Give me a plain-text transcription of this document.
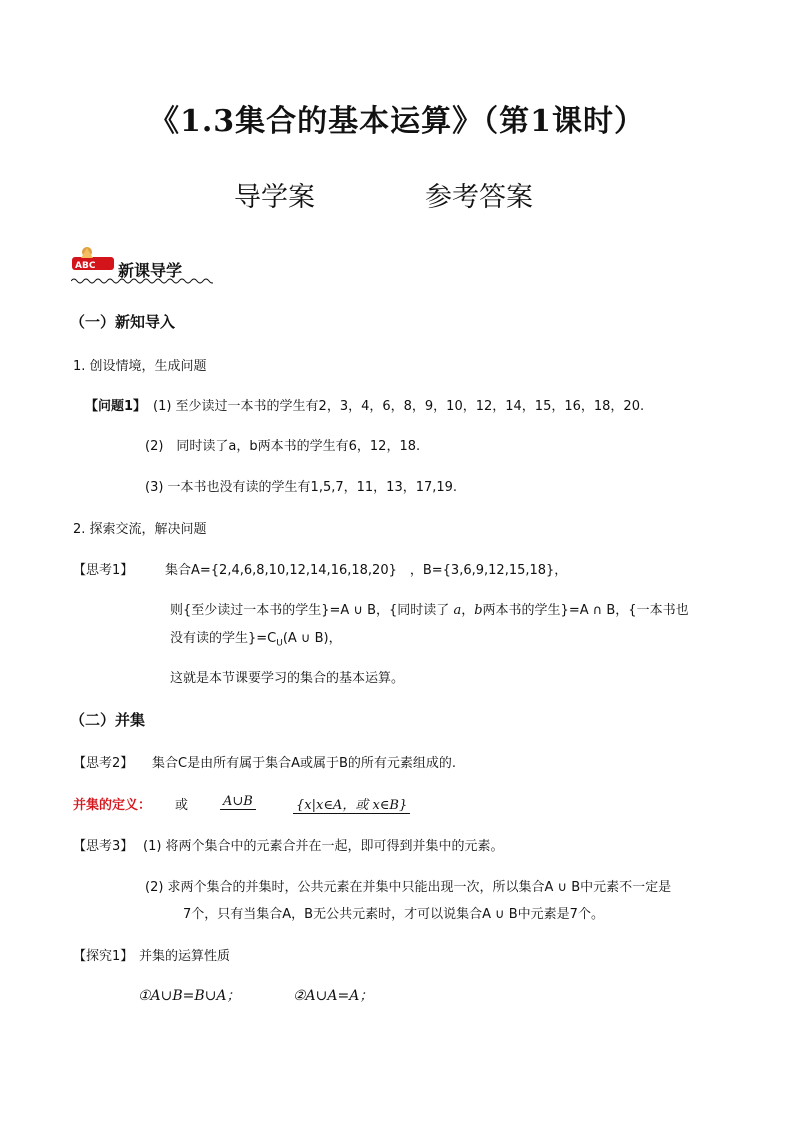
《1.3集合的基本运算》（第1课时）
导学案	参考答案
ABC 新课导学
（一）新知导入
1. 创设情境，生成问题
【问题1】 (1) 至少读过一本书的学生有2，3，4，6，8，9，10，12，14，15，16，18，20.
(2)　同时读了a，b两本书的学生有6，12，18.
(3) 一本书也没有读的学生有1,5,7，11，13，17,19.
2. 探索交流，解决问题
【思考1】 集合A={2,4,6,8,10,12,14,16,18,20}　，B={3,6,9,12,15,18}，
则{至少读过一本书的学生}=A ∪ B，{同时读了 a，b两本书的学生}=A ∩ B，{一本书也
没有读的学生}$=C_U(A$ ∪ B)，
这就是本节课要学习的集合的基本运算。
（二）并集
【思考2】 集合C是由所有属于集合A或属于B的所有元素组成的.
并集的定义： 或	A∪B	{x|x∈A，或 x∈B}
【思考3】 (1) 将两个集合中的元素合并在一起，即可得到并集中的元素。
(2) 求两个集合的并集时，公共元素在并集中只能出现一次，所以集合A ∪ B中元素不一定是
7个，只有当集合A，B无公共元素时，才可以说集合A ∪ B中元素是7个。
【探究1】 并集的运算性质
①A∪B=B∪A；	②A∪A=A；
